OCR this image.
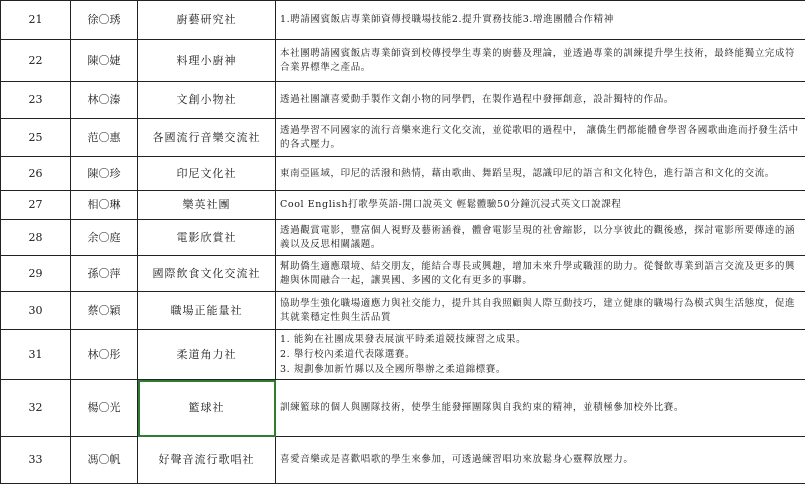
21	徐〇琇	廚藝研究社	1.聘請國賓飯店專業師資傳授職場技能2.提升實務技能3.增進團體合作精神

22	陳〇婕	料理小廚神	本社團聘請國賓飯店專業師資到校傳授學生專業的廚藝及理論，並透過專業的訓練提升學生技術，最終能獨立完成符合業界標準之產品。

23	林〇溱	文創小物社	透過社團讓喜愛動手製作文創小物的同學們，在製作過程中發揮創意，設計獨特的作品。

25	范〇惠	各國流行音樂交流社	透過學習不同國家的流行音樂來進行文化交流，並從歌唱的過程中， 讓僑生們都能體會學習各國歌曲進而抒發生活中的各式壓力。

26	陳〇珍	印尼文化社	東南亞區域，印尼的活潑和熱情，藉由歌曲、舞蹈呈現，認識印尼的語言和文化特色，進行語言和文化的交流。

27	相〇琳	樂英社團	Cool English打歌學英語-開口說英文 輕鬆體驗50分鐘沉浸式英文口說課程

28	余〇庭	電影欣賞社	透過觀賞電影，豐富個人視野及藝術涵養，體會電影呈現的社會縮影，以分享彼此的觀後感，探討電影所要傳達的涵義以及反思相關議題。

29	孫〇萍	國際飲食文化交流社	幫助僑生適應環境、結交朋友，能結合專長或興趣，增加未來升學或職涯的助力。從餐飲專業到語言交流及更多的興趣與休閒融合一起，讓異國、多國的文化有更多的事聯。

30	蔡〇穎	職場正能量社	協助學生強化職場適應力與社交能力，提升其自我照顧與人際互動技巧，建立健康的職場行為模式與生活態度，促進其就業穩定性與生活品質

31	林〇彤	柔道角力社	1. 能夠在社團成果發表展演平時柔道競技練習之成果。
2. 舉行校內柔道代表隊選賽。
3. 規劃參加新竹縣以及全國所舉辦之柔道錦標賽。

32	楊〇光	籃球社	訓練籃球的個人與團隊技術，使學生能發揮團隊與自我約束的精神，並積極參加校外比賽。

33	馮〇帆	好聲音流行歌唱社	喜愛音樂或是喜歡唱歌的學生來參加，可透過練習唱功來放鬆身心靈釋放壓力。
